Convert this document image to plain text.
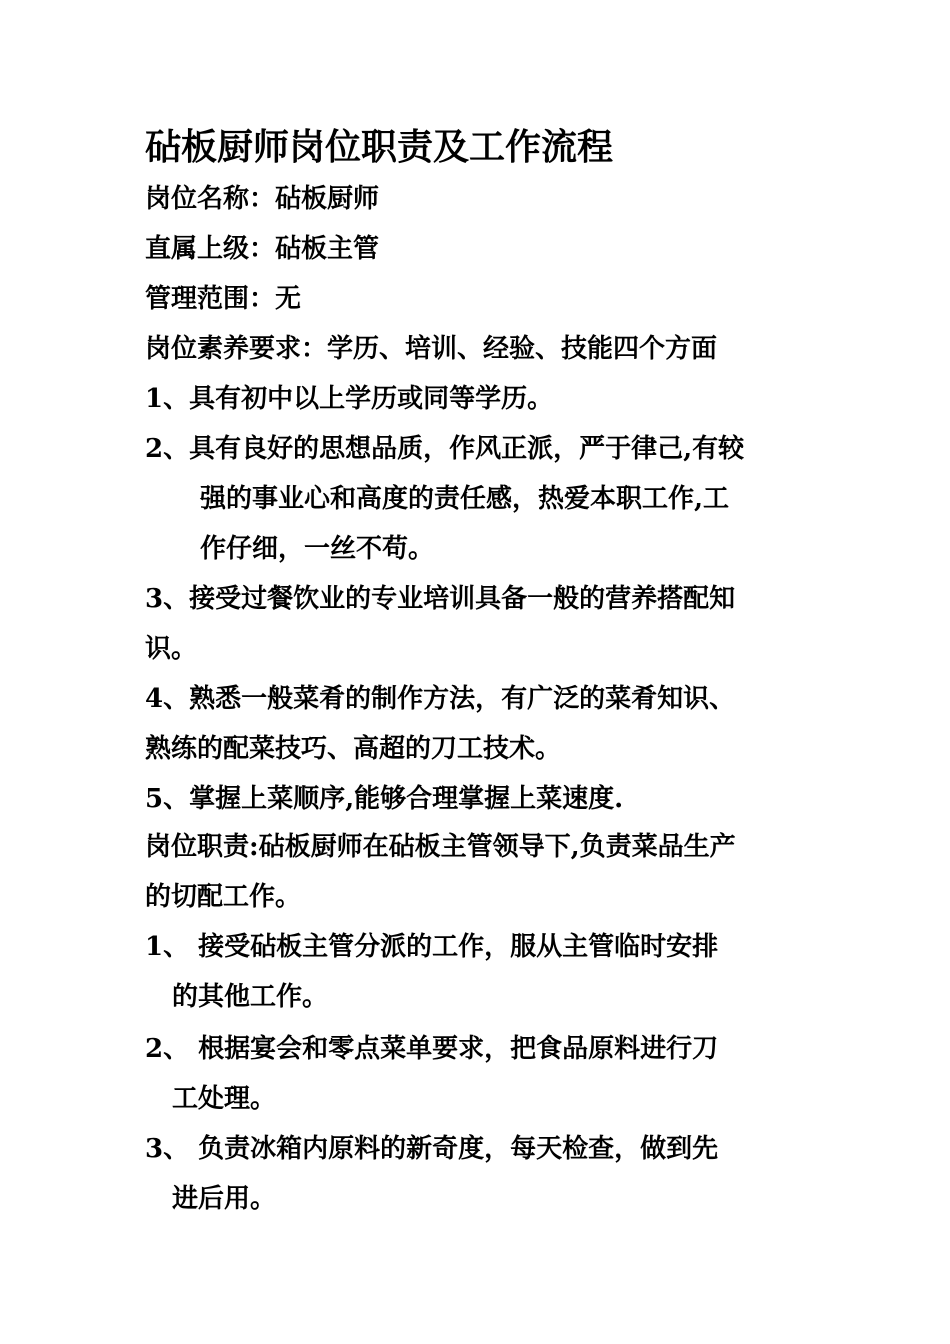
砧板厨师岗位职责及工作流程
岗位名称：砧板厨师
直属上级：砧板主管
管理范围：无
岗位素养要求：学历、培训、经验、技能四个方面
1、具有初中以上学历或同等学历。
2、具有良好的思想品质，作风正派，严于律己,有较
强的事业心和高度的责任感，热爱本职工作,工
作仔细，一丝不苟。
3、接受过餐饮业的专业培训具备一般的营养搭配知
识。
4、熟悉一般菜肴的制作方法，有广泛的菜肴知识、
熟练的配菜技巧、高超的刀工技术。
5、掌握上菜顺序,能够合理掌握上菜速度.
岗位职责:砧板厨师在砧板主管领导下,负责菜品生产
的切配工作。
1、 接受砧板主管分派的工作，服从主管临时安排
的其他工作。
2、 根据宴会和零点菜单要求，把食品原料进行刀
工处理。
3、 负责冰箱内原料的新奇度，每天检查，做到先
进后用。
